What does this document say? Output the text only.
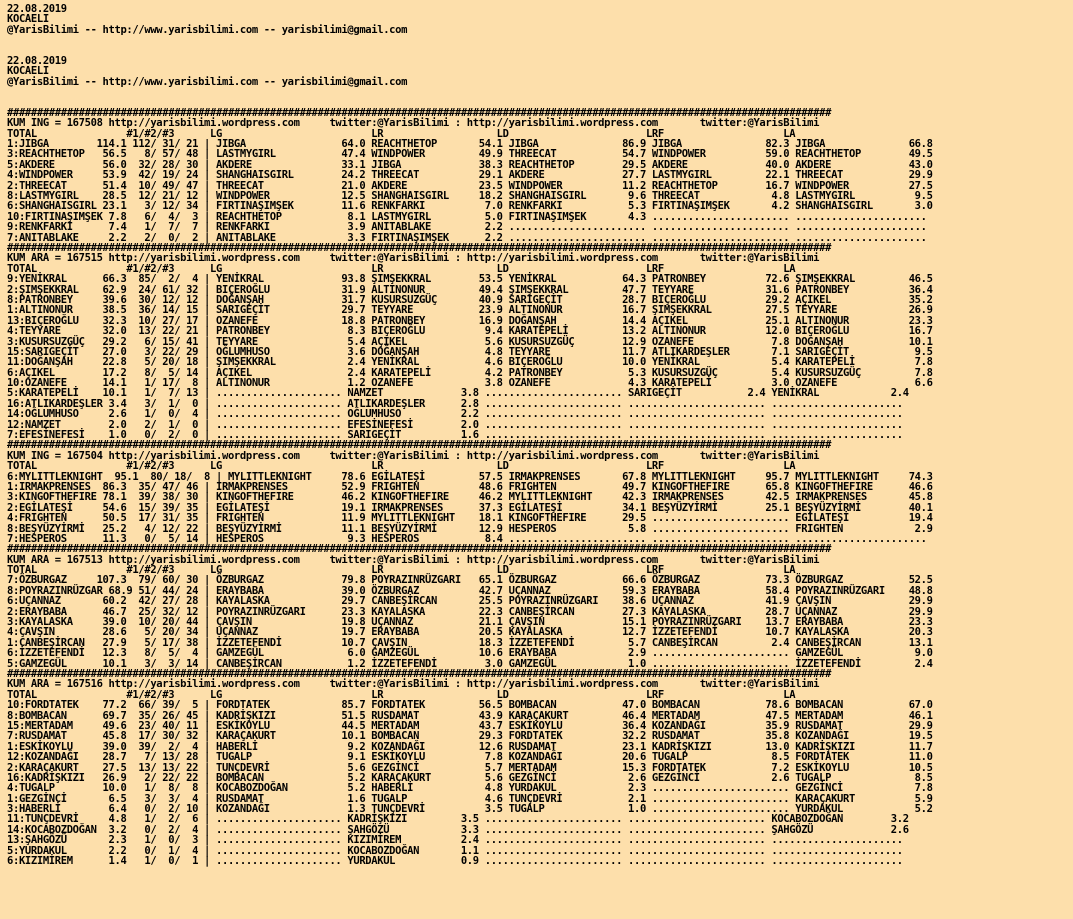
22.08.2019
KOCAELI
@YarisBilimi -- http://www.yarisbilimi.com -- yarisbilimi@gmail.com
22.08.2019
KOCAELI
@YarisBilimi -- http://www.yarisbilimi.com -- yarisbilimi@gmail.com
##########################################################################################################################################
KUM ING = 167508 http://yarisbilimi.wordpress.com     twitter:@YarisBilimi : http://yarisbilimi.wordpress.com       twitter:@YarisBilimi
TOTAL               #1/#2/#3      LG                         LR                   LD                       LRF                    LA
1:JIBGA        114.1 112/ 31/ 21 | JIBGA                64.0 REACHTHETOP       54.1 JIBGA              86.9 JIBGA              82.3 JIBGA              66.8
3:REACHTHETOP   56.5   8/ 57/ 48 | LASTMYGIRL           47.4 WINDPOWER         49.9 THREECAT           54.7 WINDPOWER          59.0 REACHTHETOP        49.5
5:AKDERE        56.0  32/ 28/ 30 | AKDERE               33.1 JIBGA             38.3 REACHTHETOP        29.5 AKDERE             40.0 AKDERE             43.0
4:WINDPOWER     53.9  42/ 19/ 24 | SHANGHAISGIRL        24.2 THREECAT          29.1 AKDERE             27.7 LASTMYGIRL         22.1 THREECAT           29.9
2:THREECAT      51.4  10/ 49/ 47 | THREECAT             21.0 AKDERE            23.5 WINDPOWER          11.2 REACHTHETOP        16.7 WINDPOWER          27.5
8:LASTMYGIRL    28.5  12/ 21/ 12 | WINDPOWER            12.5 SHANGHAISGIRL     18.2 SHANGHAISGIRL       9.6 THREECAT            4.8 LASTMYGIRL          9.5
6:SHANGHAISGIRL 23.1   3/ 12/ 34 | FIRTINAŞIMŞEK        11.6 RENKFARKI          7.0 RENKFARKI           5.3 FIRTINAŞIMŞEK       4.2 SHANGHAISGIRL       3.0
10:FIRTINAŞIMŞEK 7.8   6/  4/  3 | REACHTHETOP           8.1 LASTMYGIRL         5.0 FIRTINAŞIMŞEK       4.3 ....................... ......................
9:RENKFARKI      7.4   1/  7/  7 | RENKFARKI             3.9 ANITABLAKE         2.2 ....................... ....................... ......................
7:ANITABLAKE     2.2   2/  0/  2 | ANITABLAKE            3.3 FIRTINAŞIMŞEK      2.2 ....................... ....................... ......................
##########################################################################################################################################
KUM ARA = 167515 http://yarisbilimi.wordpress.com     twitter:@YarisBilimi : http://yarisbilimi.wordpress.com       twitter:@YarisBilimi
TOTAL               #1/#2/#3      LG                         LR                   LD                       LRF                    LA
9:YENİKRAL      66.3  85/  2/  4 | YENİKRAL             93.8 ŞIMŞEKKRAL        53.5 YENİKRAL           64.3 PATRONBEY          72.6 ŞIMŞEKKRAL         46.5
2:ŞIMŞEKKRAL    62.9  24/ 61/ 32 | BIÇEROĞLU            31.9 ALTINONUR         49.4 ŞIMŞEKKRAL         47.7 TEYYARE            31.6 PATRONBEY          36.4
8:PATRONBEY     39.6  30/ 12/ 12 | DOĞANŞAH             31.7 KUSURSUZGÜÇ       40.9 SARIGEÇİT          28.7 BIÇEROĞLU          29.2 AÇIKEL             35.2
1:ALTINONUR     38.5  36/ 14/ 15 | SARIGEÇİT            29.7 TEYYARE           23.9 ALTINONUR          16.7 ŞIMŞEKKRAL         27.5 TEYYARE            26.9
13:BIÇEROĞLU    32.3  10/ 27/ 17 | OZANEFE              18.8 PATRONBEY         16.9 DOĞANŞAH           14.4 AÇIKEL             25.1 ALTINONUR          23.3
4:TEYYARE       32.0  13/ 22/ 21 | PATRONBEY             8.3 BIÇEROĞLU          9.4 KARATEPELİ         13.2 ALTINONUR          12.0 BIÇEROĞLU          16.7
3:KUSURSUZGÜÇ   29.2   6/ 15/ 41 | TEYYARE               5.4 AÇIKEL             5.6 KUSURSUZGÜÇ        12.9 OZANEFE             7.8 DOĞANŞAH           10.1
15:SARIGEÇİT    27.0   3/ 22/ 29 | OĞLUMHUSO             3.6 DOĞANŞAH           4.8 TEYYARE            11.7 ATLIKARDEŞLER       7.1 SARIGEÇİT           9.5
11:DOĞANŞAH     22.8   5/ 20/ 18 | ŞIMŞEKKRAL            2.4 YENİKRAL           4.6 BIÇEROĞLU          10.0 YENİKRAL            5.4 KARATEPELİ          7.8
6:AÇIKEL        17.2   8/  5/ 14 | AÇIKEL                2.4 KARATEPELİ         4.2 PATRONBEY           5.3 KUSURSUZGÜÇ         5.4 KUSURSUZGÜÇ         7.8
10:OZANEFE      14.1   1/ 17/  8 | ALTINONUR             1.2 OZANEFE            3.8 OZANEFE             4.3 KARATEPELİ          3.0 OZANEFE             6.6
5:KARATEPELİ    10.1   1/  7/ 13 | ..................... NAMZET             3.8 ....................... SARIGEÇİT           2.4 YENİKRAL            2.4
16:ATLIKARDEŞLER 3.4   3/  1/  0 | ..................... ATLIKARDEŞLER      2.8 ....................... ....................... ......................
14:OĞLUMHUSO     2.6   1/  0/  4 | ..................... OĞLUMHUSO          2.2 ....................... ....................... ......................
12:NAMZET        2.0   2/  1/  0 | ..................... EFESİNEFESİ        2.0 ....................... ....................... ......................
7:EFESİNEFESİ    1.0   0/  2/  0 | ..................... SARIGEÇİT          1.6 ....................... ....................... ......................
##########################################################################################################################################
KUM ING = 167504 http://yarisbilimi.wordpress.com     twitter:@YarisBilimi : http://yarisbilimi.wordpress.com       twitter:@YarisBilimi
TOTAL               #1/#2/#3      LG                         LR                   LD                       LRF                    LA
6:MYLITTLEKNIGHT  95.1  80/ 18/  8 | MYLITTLEKNIGHT     78.6 EGİLATEŞİ         57.5 IRMAKPRENSES       67.8 MYLITTLEKNIGHT     95.7 MYLITTLEKNIGHT     74.3
1:IRMAKPRENSES  86.3  35/ 47/ 46 | IRMAKPRENSES         52.9 FRIGHTEN          48.6 FRIGHTEN           49.7 KINGOFTHEFIRE      65.8 KINGOFTHEFIRE      46.6
3:KINGOFTHEFIRE 78.1  39/ 38/ 30 | KINGOFTHEFIRE        46.2 KINGOFTHEFIRE     46.2 MYLITTLEKNIGHT     42.3 IRMAKPRENSES       42.5 IRMAKPRENSES       45.8
2:EGİLATEŞİ     54.6  15/ 39/ 35 | EGİLATEŞİ            19.1 IRMAKPRENSES      37.3 EGİLATEŞİ          34.1 BEŞYÜZYİRMİ        25.1 BEŞYÜZYİRMİ        40.1
4:FRIGHTEN      50.5  17/ 31/ 35 | FRIGHTEN             11.9 MYLITTLEKNIGHT    18.1 KINGOFTHEFIRE      29.5 ....................... EGİLATEŞİ          19.4
8:BEŞYÜZYİRMİ   25.2   4/ 12/ 22 | BEŞYÜZYİRMİ          11.1 BEŞYÜZYİRMİ       12.9 HESPEROS            5.8 ....................... FRIGHTEN            2.9
7:HESPEROS      11.3   0/  5/ 14 | HESPEROS              9.3 HESPEROS           8.4 ....................... ....................... ......................
##########################################################################################################################################
KUM ARA = 167513 http://yarisbilimi.wordpress.com     twitter:@YarisBilimi : http://yarisbilimi.wordpress.com       twitter:@YarisBilimi
TOTAL               #1/#2/#3      LG                         LR                   LD                       LRF                    LA
7:ÖZBURGAZ     107.3  79/ 60/ 30 | ÖZBURGAZ             79.8 POYRAZINRÜZGARI   65.1 ÖZBURGAZ           66.6 ÖZBURGAZ           73.3 ÖZBURGAZ           52.5
8:POYRAZINRÜZGAR 68.9 51/ 44/ 24 | ERAYBABA             39.0 ÖZBURGAZ          42.7 UÇANNAZ            59.3 ERAYBABA           58.4 POYRAZINRÜZGARI    48.8
6:UÇANNAZ       60.2  42/ 27/ 28 | KAYALASKA            29.7 CANBEŞİRCAN       25.5 POYRAZINRÜZGARI    38.6 UÇANNAZ            41.9 ÇAVŞIN             29.9
2:ERAYBABA      46.7  25/ 32/ 12 | POYRAZINRÜZGARI      23.3 KAYALASKA         22.3 CANBEŞİRCAN        27.3 KAYALASKA          28.7 UÇANNAZ            29.9
3:KAYALASKA     39.0  10/ 20/ 44 | ÇAVŞIN               19.8 UÇANNAZ           21.1 ÇAVŞIN             15.1 POYRAZINRÜZGARI    13.7 ERAYBABA           23.3
4:ÇAVŞIN        28.6   5/ 20/ 34 | UÇANNAZ              19.7 ERAYBABA          20.5 KAYALASKA          12.7 İZZETEFENDİ        10.7 KAYALASKA          20.3
1:CANBEŞİRCAN   27.9   5/ 17/ 38 | İZZETEFENDİ          10.7 ÇAVŞIN            18.3 İZZETEFENDİ         5.7 CANBEŞİRCAN         2.4 CANBEŞİRCAN        13.1
6:İZZETEFENDİ   12.3   8/  5/  4 | GAMZEGÜL              6.0 GAMZEGÜL          10.6 ERAYBABA            2.9 ....................... GAMZEGÜL            9.0
5:GAMZEGÜL      10.1   3/  3/ 14 | CANBEŞİRCAN           1.2 İZZETEFENDİ        3.0 GAMZEGÜL            1.0 ....................... İZZETEFENDİ         2.4
##########################################################################################################################################
KUM ARA = 167516 http://yarisbilimi.wordpress.com     twitter:@YarisBilimi : http://yarisbilimi.wordpress.com       twitter:@YarisBilimi
TOTAL               #1/#2/#3      LG                         LR                   LD                       LRF                    LA
10:FORDTATEK    77.2  66/ 39/  5 | FORDTATEK            85.7 FORDTATEK         56.5 BOMBACAN           47.0 BOMBACAN           78.6 BOMBACAN           67.0
8:BOMBACAN      69.7  35/ 26/ 45 | KADRİŞKIZI           51.5 RUSDAMAT          43.9 KARAÇAKURT         46.4 MERTADAM           47.5 MERTADAM           46.1
15:MERTADAM     49.6  23/ 40/ 11 | ESKİKOYLU            44.5 MERTADAM          43.7 ESKİKOYLU          36.4 KOZANDAĞI          35.9 RUSDAMAT           29.9
7:RUSDAMAT      45.8  17/ 30/ 32 | KARAÇAKURT           10.1 BOMBACAN          29.3 FORDTATEK          32.2 RUSDAMAT           35.8 KOZANDAĞI          19.5
1:ESKİKOYLU     39.0  39/  2/  4 | HABERLİ               9.2 KOZANDAĞI         12.6 RUSDAMAT           23.1 KADRİŞKIZI         13.0 KADRİŞKIZI         11.7
12:KOZANDAĞI    28.7   7/ 13/ 28 | TUGALP                9.1 ESKİKOYLU          7.8 KOZANDAĞI          20.6 TUGALP              8.5 FORDTATEK          11.0
2:KARAÇAKURT    27.5  13/ 13/ 22 | TUNÇDEVRİ             5.6 GEZGİNCİ           5.7 MERTADAM           15.3 FORDTATEK           7.2 ESKİKOYLU          10.5
16:KADRİŞKIZI   26.9   2/ 22/ 22 | BOMBACAN              5.2 KARAÇAKURT         5.6 GEZGİNCİ            2.6 GEZGİNCİ            2.6 TUGALP              8.5
4:TUGALP        10.0   1/  8/  8 | KOCABOZDOĞAN          5.2 HABERLİ            4.8 YURDAKUL            2.3 ....................... GEZGİNCİ            7.8
1:GEZGİNCİ       6.5   3/  3/  4 | RUSDAMAT              1.6 TUGALP             4.6 TUNÇDEVRİ           2.1 ....................... KARAÇAKURT          5.9
3:HABERLİ        6.4   0/  2/ 10 | KOZANDAĞI             1.3 TUNÇDEVRİ          3.5 TUGALP              1.0 ....................... YURDAKUL            5.2
11:TUNÇDEVRİ     4.8   1/  2/  6 | ..................... KADRİŞKIZI         3.5 ....................... ....................... KOCABOZDOĞAN        3.2
14:KOCABOZDOĞAN  3.2   0/  2/  4 | ..................... ŞAHGÖZÜ            3.3 ....................... ....................... ŞAHGÖZÜ             2.6
13:ŞAHGÖZÜ       2.3   1/  0/  3 | ..................... KIZIMİREM          2.4 ....................... ....................... ......................
5:YURDAKUL       2.2   0/  1/  4 | ..................... KOCABOZDOĞAN       1.1 ....................... ....................... ......................
6:KIZIMİREM      1.4   1/  0/  1 | ..................... YURDAKUL           0.9 ....................... ....................... ......................
